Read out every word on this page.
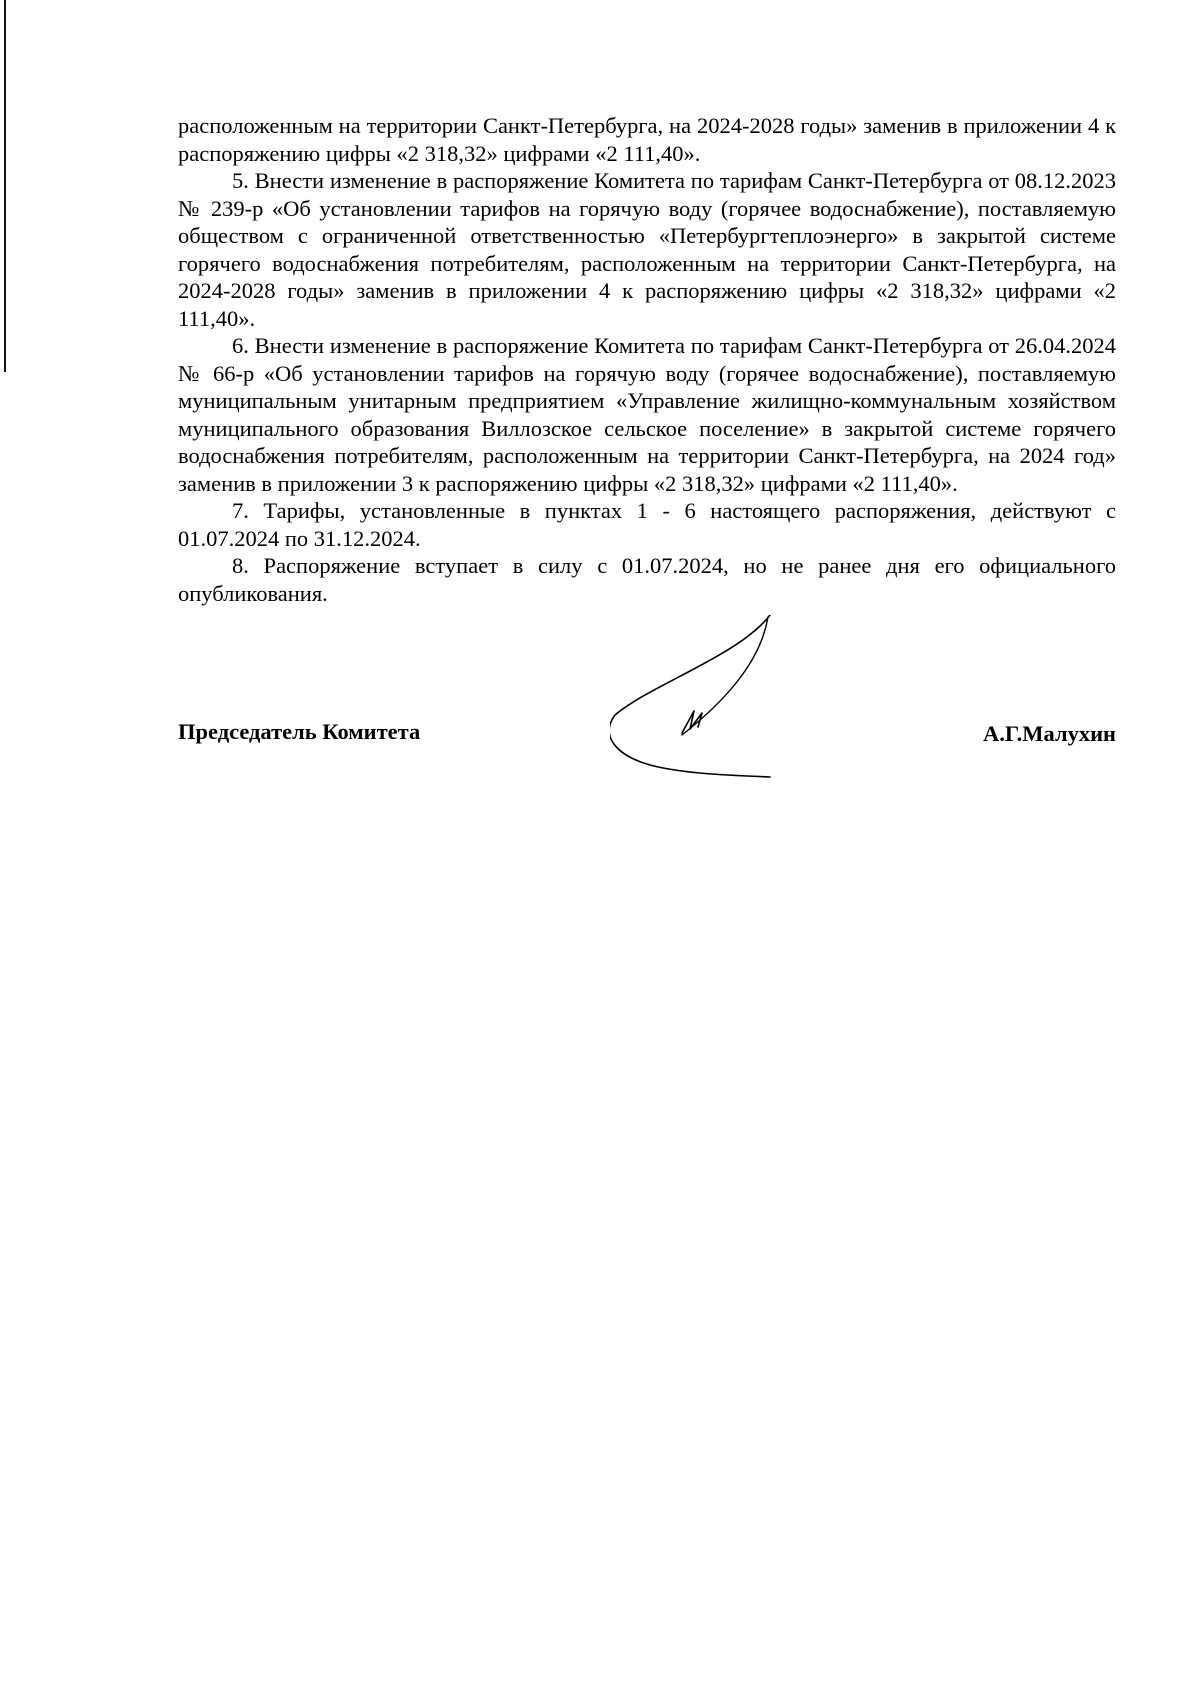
расположенным на территории Санкт-Петербурга, на 2024-2028 годы» заменив в приложении 4 к распоряжению цифры «2 318,32» цифрами «2 111,40».

5. Внести изменение в распоряжение Комитета по тарифам Санкт-Петербурга от 08.12.2023 № 239-р «Об установлении тарифов на горячую воду (горячее водоснабжение), поставляемую обществом с ограниченной ответственностью «Петербургтеплоэнерго» в закрытой системе горячего водоснабжения потребителям, расположенным на территории Санкт-Петербурга, на 2024-2028 годы» заменив в приложении 4 к распоряжению цифры «2 318,32» цифрами «2 111,40».

6. Внести изменение в распоряжение Комитета по тарифам Санкт-Петербурга от 26.04.2024 № 66-р «Об установлении тарифов на горячую воду (горячее водоснабжение), поставляемую муниципальным унитарным предприятием «Управление жилищно-коммунальным хозяйством муниципального образования Виллозское сельское поселение» в закрытой системе горячего водоснабжения потребителям, расположенным на территории Санкт-Петербурга, на 2024 год» заменив в приложении 3 к распоряжению цифры «2 318,32» цифрами «2 111,40».

7. Тарифы, установленные в пунктах 1 - 6 настоящего распоряжения, действуют с 01.07.2024 по 31.12.2024.

8. Распоряжение вступает в силу с 01.07.2024, но не ранее дня его официального опубликования.

Председатель Комитета	А.Г.Малухин
